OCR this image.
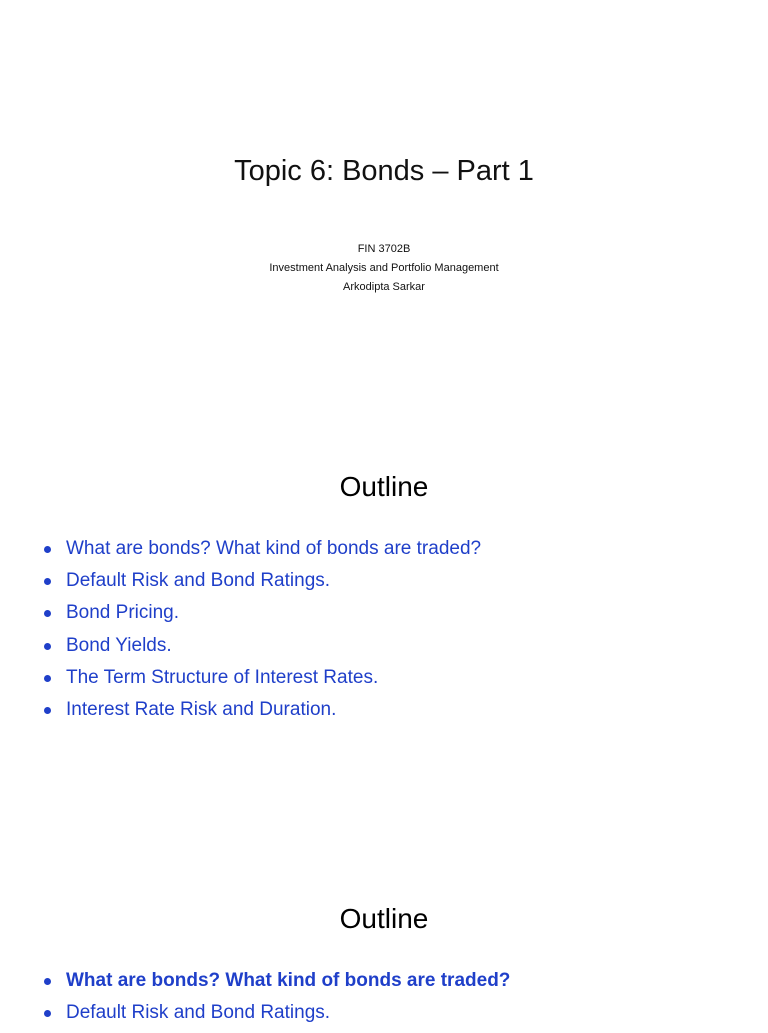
Topic 6: Bonds – Part 1
FIN 3702B
Investment Analysis and Portfolio Management
Arkodipta Sarkar
Outline
What are bonds? What kind of bonds are traded?
Default Risk and Bond Ratings.
Bond Pricing.
Bond Yields.
The Term Structure of Interest Rates.
Interest Rate Risk and Duration.
Outline
What are bonds? What kind of bonds are traded?
Default Risk and Bond Ratings.
